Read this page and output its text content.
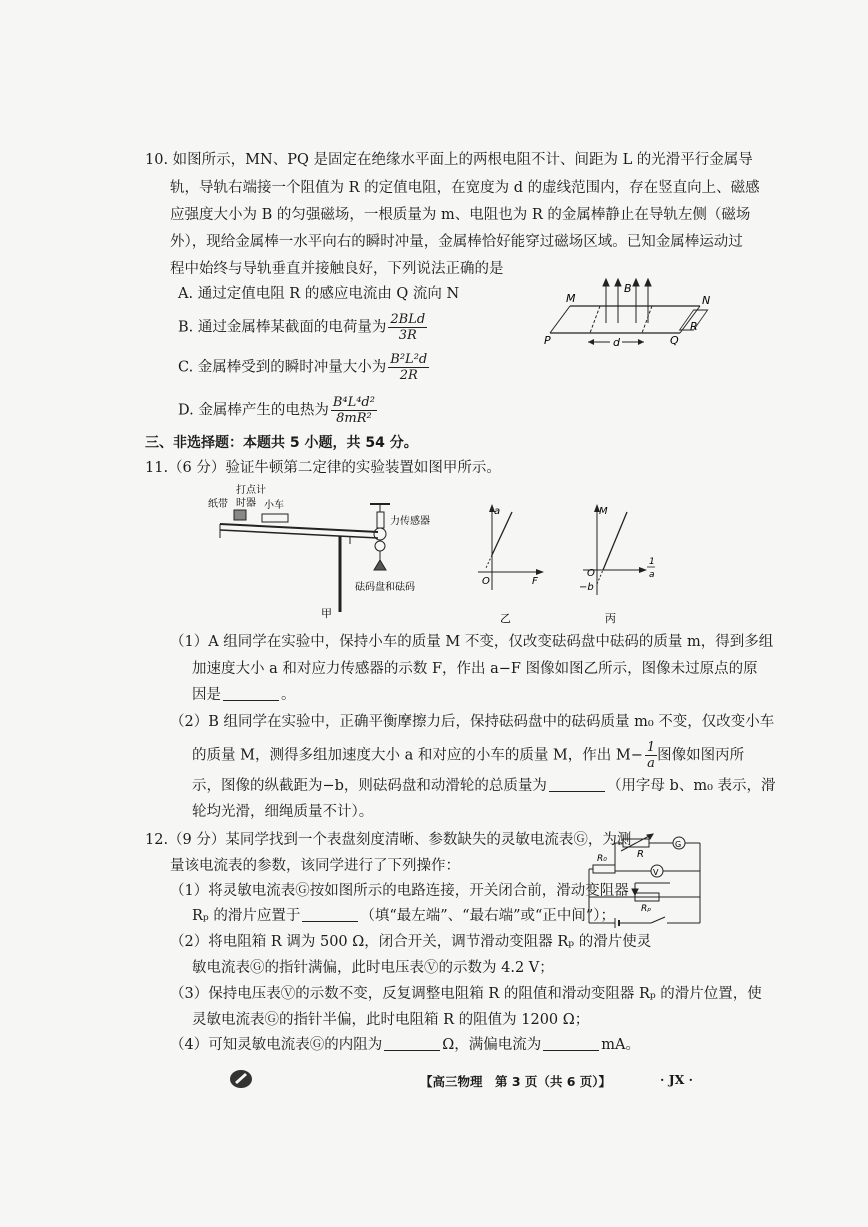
10. 如图所示，MN、PQ 是固定在绝缘水平面上的两根电阻不计、间距为 L 的光滑平行金属导
轨，导轨右端接一个阻值为 R 的定值电阻，在宽度为 d 的虚线范围内，存在竖直向上、磁感
应强度大小为 B 的匀强磁场，一根质量为 m、电阻也为 R 的金属棒静止在导轨左侧（磁场
外），现给金属棒一水平向右的瞬时冲量，金属棒恰好能穿过磁场区域。已知金属棒运动过
程中始终与导轨垂直并接触良好，下列说法正确的是
A. 通过定值电阻 R 的感应电流由 Q 流向 N
B. 通过金属棒某截面的电荷量为 $\frac{\text{2BLd}}{3R}$
C. 金属棒受到的瞬时冲量大小为 $\frac{\text{B²L²d}}{2R}$
D. 金属棒产生的电热为 $\frac{\text{B⁴L⁴d²}}{\text{8mR²}}$
M	N
P	Q
R
B
d
三、非选择题：本题共 5 小题，共 54 分。
11.（6 分）验证牛顿第二定律的实验装置如图甲所示。
纸带
打点计
时器 小车
力传感器
砝码盘和砝码
甲
a
F
O
乙
M
O
−b
1
a
丙
（1）A 组同学在实验中，保持小车的质量 M 不变，仅改变砝码盘中砝码的质量 m，得到多组
加速度大小 a 和对应力传感器的示数 F，作出 a−F 图像如图乙所示，图像未过原点的原
因是	。
（2）B 组同学在实验中，正确平衡摩擦力后，保持砝码盘中的砝码质量 m₀ 不变，仅改变小车
的质量 M，测得多组加速度大小 a 和对应的小车的质量 M，作出 $M- \frac{1}{a}$ 图像如图丙所
示，图像的纵截距为−b，则砝码盘和动滑轮的总质量为	（用字母 b、m₀ 表示，滑
轮均光滑，细绳质量不计）。
12.（9 分）某同学找到一个表盘刻度清晰、参数缺失的灵敏电流表Ⓖ，为测
量该电流表的参数，该同学进行了下列操作：
（1）将灵敏电流表Ⓖ按如图所示的电路连接，开关闭合前，滑动变阻器
Rₚ 的滑片应置于	（填“最左端”、“最右端”或“正中间”）；
（2）将电阻箱 R 调为 500 Ω，闭合开关，调节滑动变阻器 Rₚ 的滑片使灵
敏电流表Ⓖ的指针满偏，此时电压表Ⓥ的示数为 4.2 V；
（3）保持电压表Ⓥ的示数不变，反复调整电阻箱 R 的阻值和滑动变阻器 Rₚ 的滑片位置，使
灵敏电流表Ⓖ的指针半偏，此时电阻箱 R 的阻值为 1200 Ω；
（4）可知灵敏电流表Ⓖ的内阻为	Ω，满偏电流为	mA。
R
G
R₀
V
Rₚ
【高三物理　第 3 页（共 6 页）】	· JX ·
